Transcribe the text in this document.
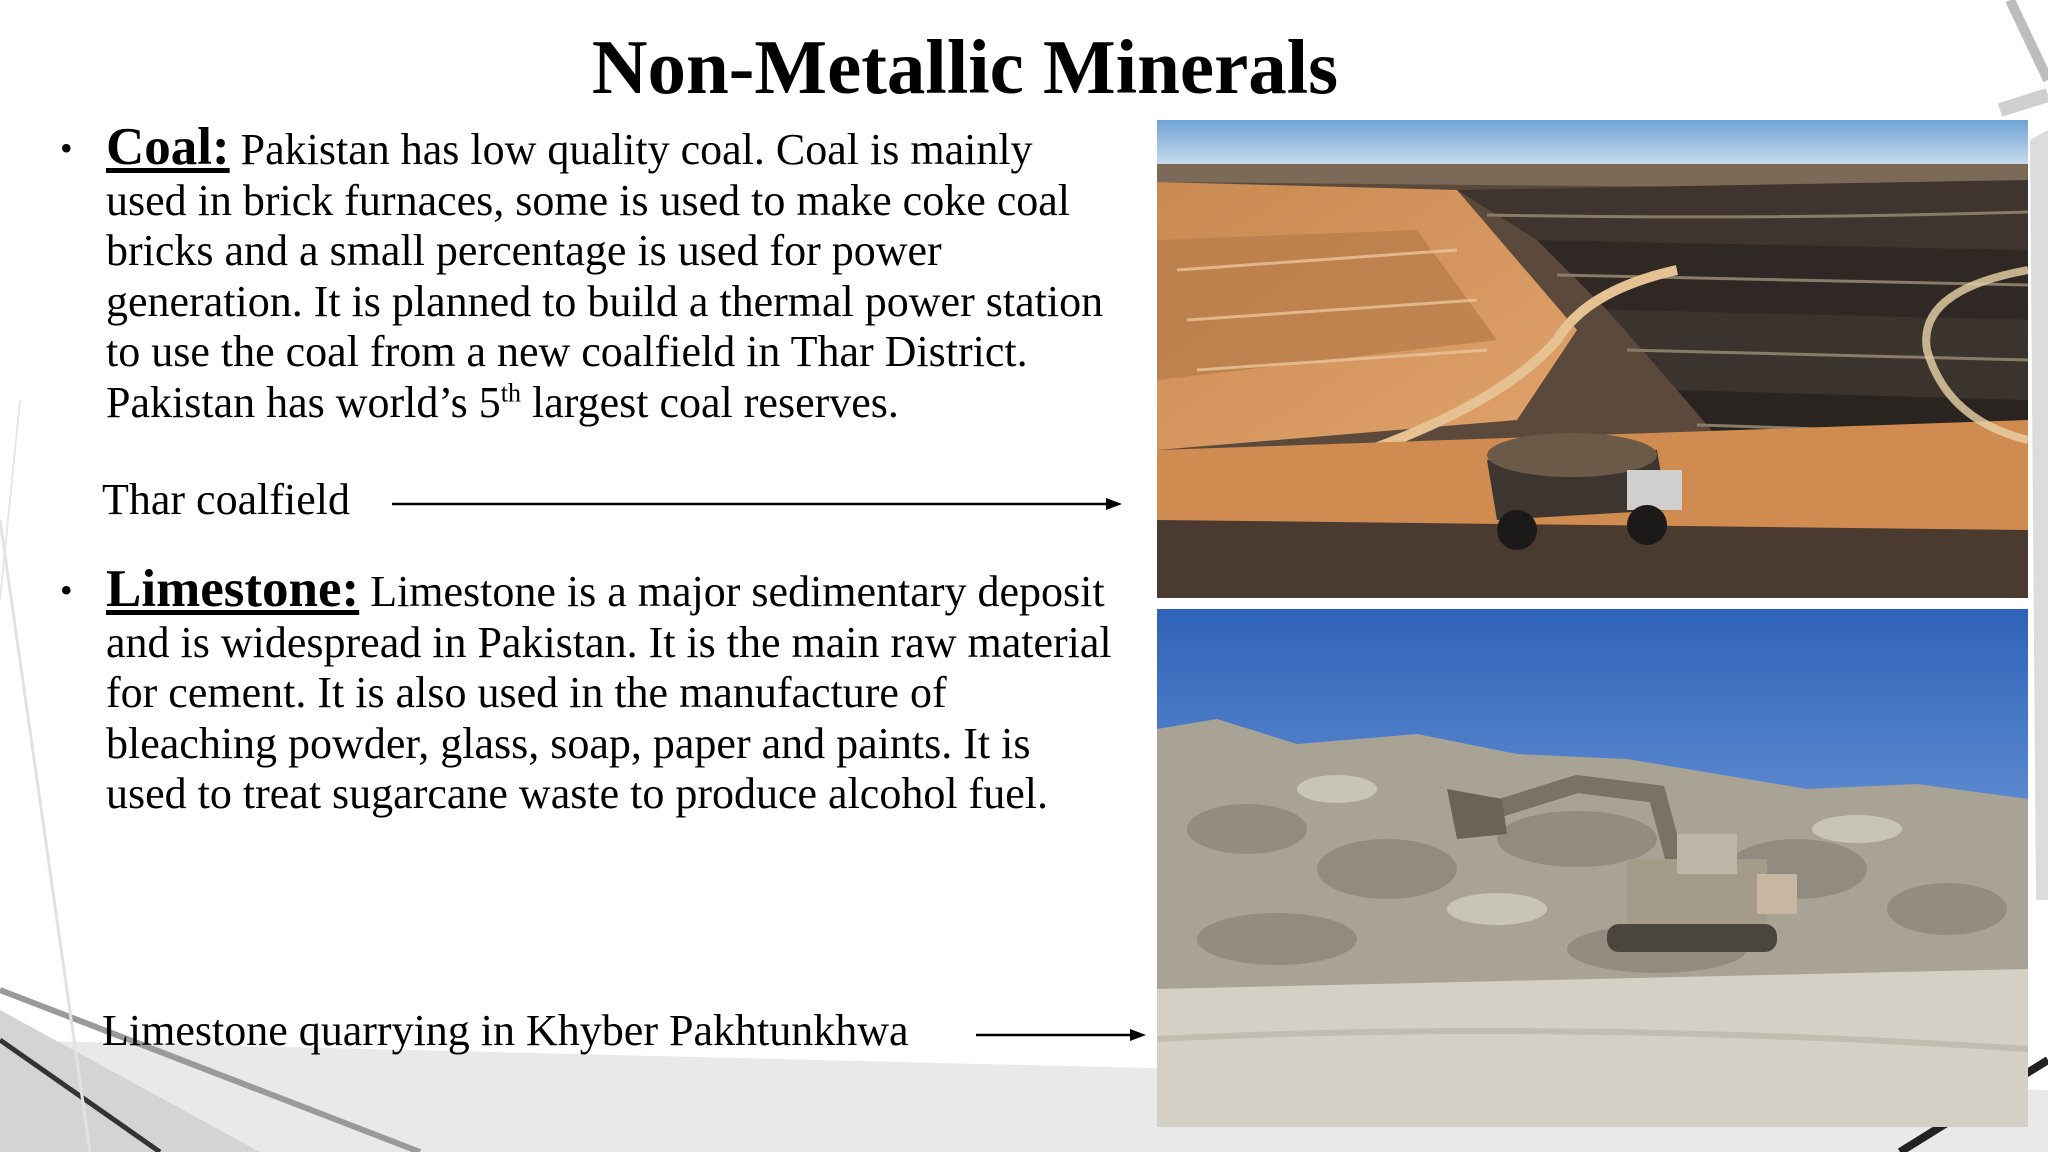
Non-Metallic Minerals
• Coal: Pakistan has low quality coal. Coal is mainly used in brick furnaces, some is used to make coke coal bricks and a small percentage is used for power generation. It is planned to build a thermal power station to use the coal from a new coalfield in Thar District. Pakistan has world’s 5th largest coal reserves.
Thar coalfield
• Limestone: Limestone is a major sedimentary deposit and is widespread in Pakistan. It is the main raw material for cement. It is also used in the manufacture of bleaching powder, glass, soap, paper and paints. It is used to treat sugarcane waste to produce alcohol fuel.
Limestone quarrying in Khyber Pakhtunkhwa
